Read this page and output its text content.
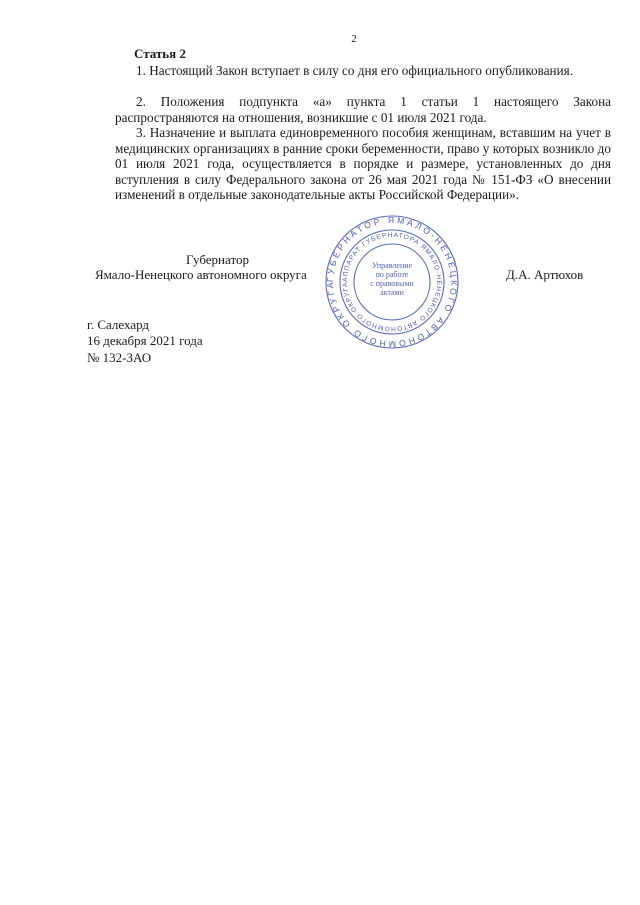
2
Статья 2
1. Настоящий Закон вступает в силу со дня его официального опубликования.
2. Положения подпункта «а» пункта 1 статьи 1 настоящего Закона распространяются на отношения, возникшие с 01 июля 2021 года.
3. Назначение и выплата единовременного пособия женщинам, вставшим на учет в медицинских организациях в ранние сроки беременности, право у которых возникло до 01 июля 2021 года, осуществляется в порядке и размере, установленных до дня вступления в силу Федерального закона от 26 мая 2021 года № 151-ФЗ «О внесении изменений в отдельные законодательные акты Российской Федерации».
Губернатор
Ямало-Ненецкого автономного округа	Д.А. Артюхов
ГУБЕРНАТОР ЯМАЛО-НЕНЕЦКОГО АВТОНОМНОГО ОКРУГА
АППАРАТ ГУБЕРНАТОРА ЯМАЛО-НЕНЕЦКОГО АВТОНОМНОГО ОКРУГА
Управление
по работе
с правовыми
актами
г. Салехард
16 декабря 2021 года
№ 132-ЗАО
